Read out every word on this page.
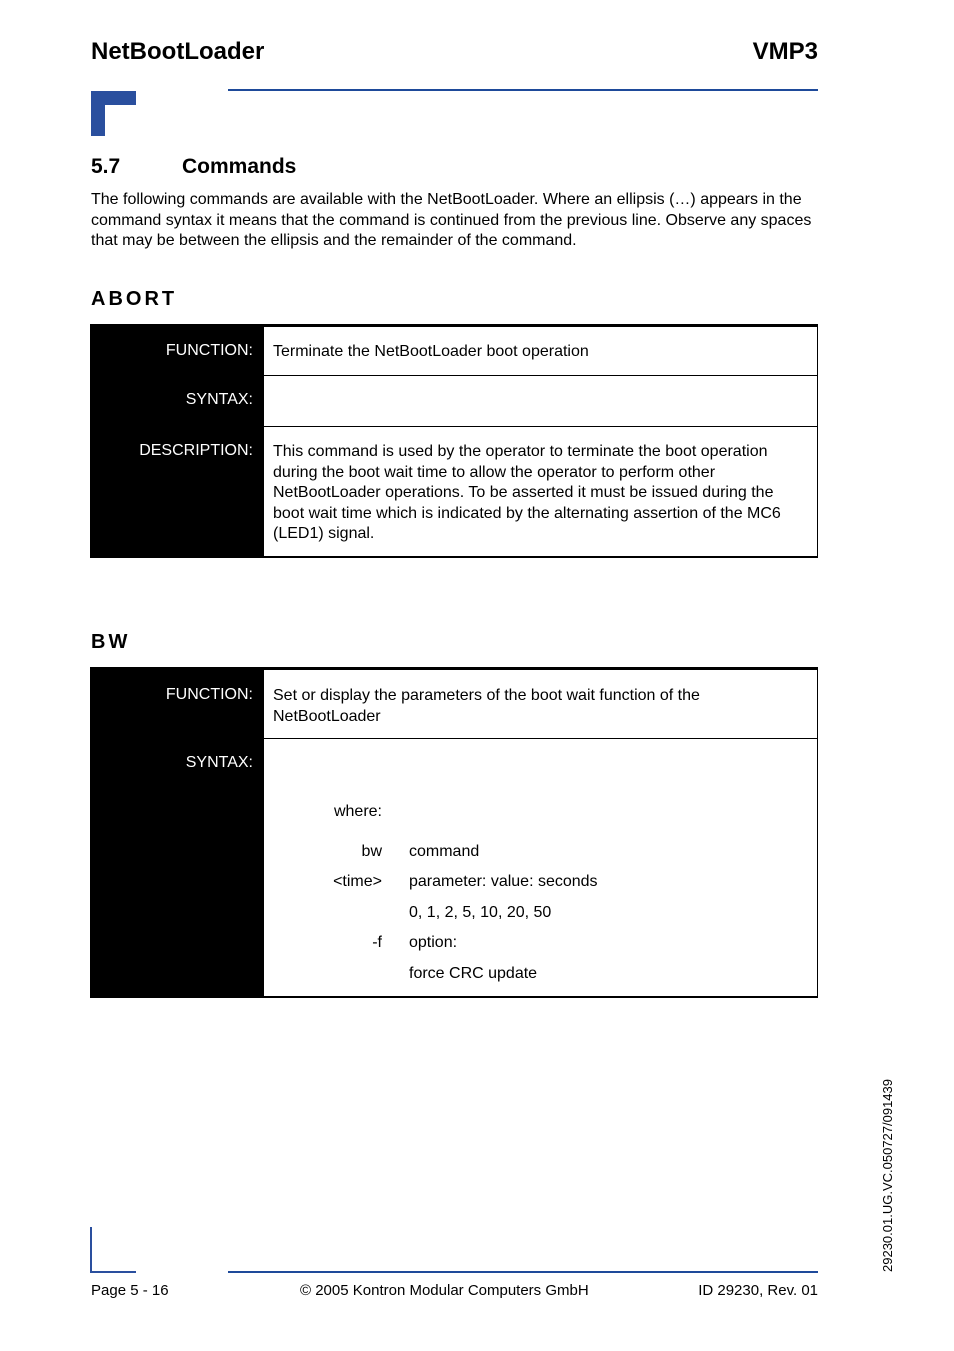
NetBootLoader	VMP3
5.7	Commands
The following commands are available with the NetBootLoader. Where an ellipsis (…) appears in the command syntax it means that the command is continued from the previous line. Observe any spaces that may be between the ellipsis and the remainder of the command.
ABORT
FUNCTION: Terminate the NetBootLoader boot operation
SYNTAX:
DESCRIPTION: This command is used by the operator to terminate the boot operation during the boot wait time to allow the operator to perform other NetBootLoader operations. To be asserted it must be issued during the boot wait time which is indicated by the alternating assertion of the MC6 (LED1) signal.
BW
FUNCTION: Set or display the parameters of the boot wait function of the NetBootLoader
SYNTAX:
where:
bw command
<time> parameter: value: seconds
0, 1, 2, 5, 10, 20, 50
-f option:
force CRC update
Page 5 - 16	© 2005 Kontron Modular Computers GmbH	ID 29230, Rev. 01
29230.01.UG.VC.050727/091439
